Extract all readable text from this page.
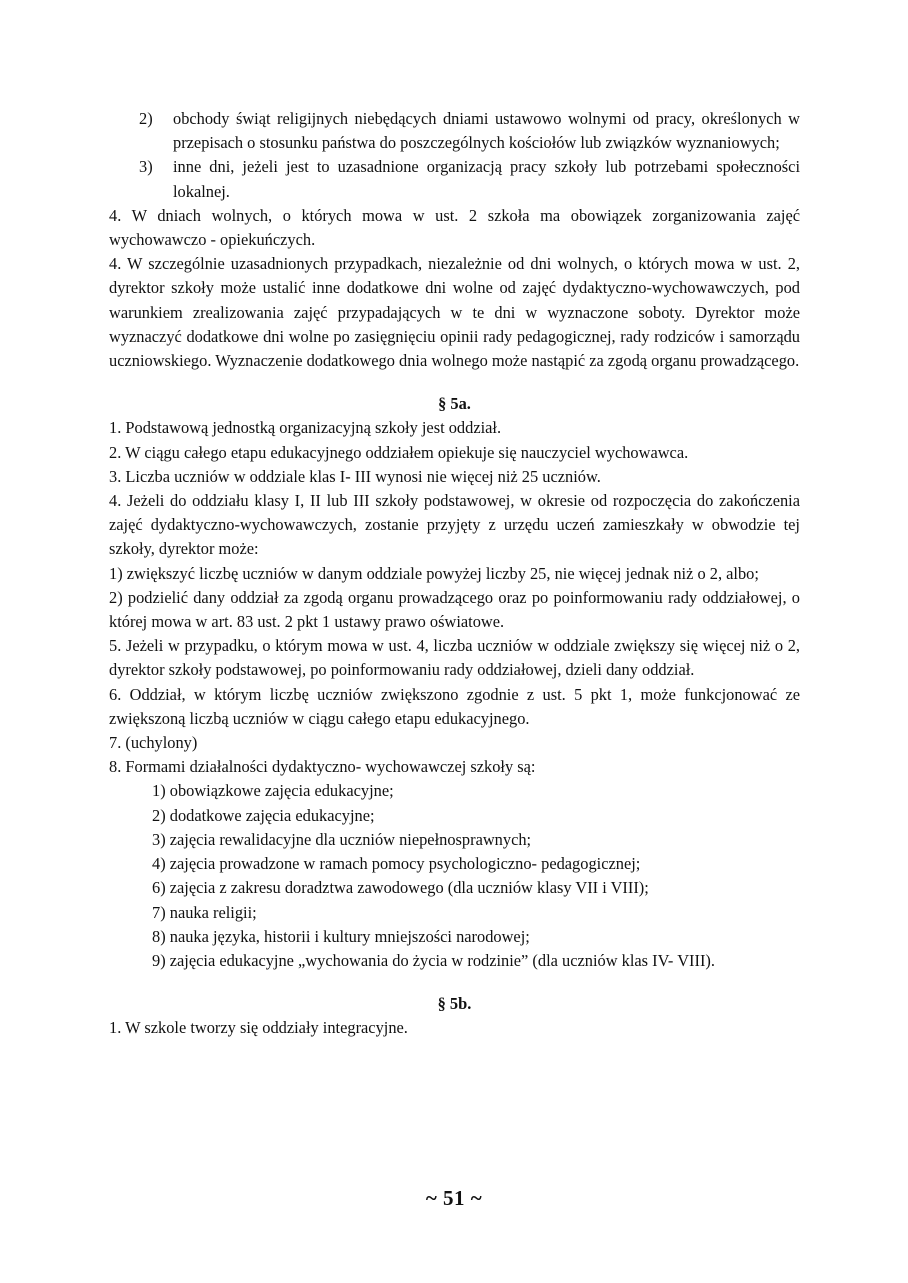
2)	obchody świąt religijnych niebędących dniami ustawowo wolnymi od pracy, określonych w przepisach o stosunku państwa do poszczególnych kościołów lub związków wyznaniowych;
3)	inne dni, jeżeli jest to uzasadnione organizacją pracy szkoły lub potrzebami społeczności lokalnej.
4. W dniach wolnych, o których mowa w ust. 2 szkoła ma obowiązek zorganizowania zajęć wychowawczo - opiekuńczych.
4. W szczególnie uzasadnionych przypadkach, niezależnie od dni wolnych, o których mowa w ust. 2, dyrektor szkoły może ustalić inne dodatkowe dni wolne od zajęć dydaktyczno-wychowawczych, pod warunkiem zrealizowania zajęć przypadających w te dni w wyznaczone soboty. Dyrektor może wyznaczyć dodatkowe dni wolne po zasięgnięciu opinii rady pedagogicznej, rady rodziców i samorządu uczniowskiego. Wyznaczenie dodatkowego dnia wolnego może nastąpić za zgodą organu prowadzącego.
§ 5a.
1. Podstawową jednostką organizacyjną szkoły jest oddział.
2. W ciągu całego etapu edukacyjnego oddziałem opiekuje się nauczyciel wychowawca.
3. Liczba uczniów w oddziale klas I- III wynosi nie więcej niż 25 uczniów.
4. Jeżeli do oddziału klasy I, II lub III szkoły podstawowej, w okresie od rozpoczęcia do zakończenia zajęć dydaktyczno-wychowawczych, zostanie przyjęty z urzędu uczeń zamieszkały w obwodzie tej szkoły, dyrektor może:
1) zwiększyć liczbę uczniów w danym oddziale powyżej liczby 25, nie więcej jednak niż o 2, albo;
2) podzielić dany oddział za zgodą organu prowadzącego oraz po poinformowaniu rady oddziałowej, o której mowa w art. 83 ust. 2 pkt 1 ustawy prawo oświatowe.
5. Jeżeli w przypadku, o którym mowa w ust. 4, liczba uczniów w oddziale zwiększy się więcej niż o 2, dyrektor szkoły podstawowej, po poinformowaniu rady oddziałowej, dzieli dany oddział.
6. Oddział, w którym liczbę uczniów zwiększono zgodnie z ust. 5 pkt 1, może funkcjonować ze zwiększoną liczbą uczniów w ciągu całego etapu edukacyjnego.
7. (uchylony)
8. Formami działalności dydaktyczno- wychowawczej szkoły są:
1) obowiązkowe zajęcia edukacyjne;
2) dodatkowe zajęcia edukacyjne;
3) zajęcia rewalidacyjne dla uczniów niepełnosprawnych;
4) zajęcia prowadzone w ramach pomocy psychologiczno- pedagogicznej;
6) zajęcia z zakresu doradztwa zawodowego (dla uczniów klasy VII i VIII);
7) nauka religii;
8) nauka języka, historii i kultury mniejszości narodowej;
9) zajęcia edukacyjne „wychowania do życia w rodzinie” (dla uczniów klas IV- VIII).
§ 5b.
1. W szkole tworzy się oddziały integracyjne.
~ 51 ~
